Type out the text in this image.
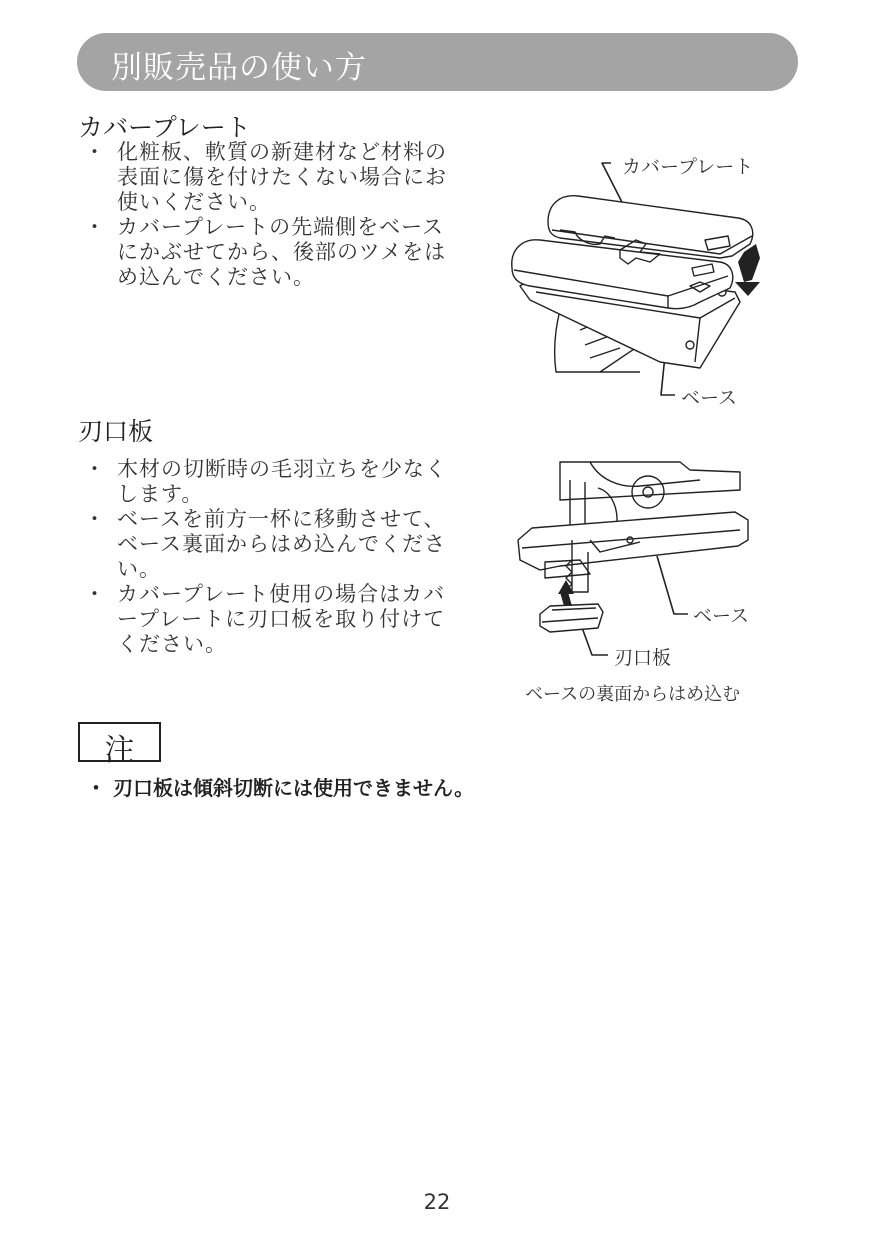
別販売品の使い方
カバープレート
・ 化粧板、軟質の新建材など材料の表面に傷を付けたくない場合にお使いください。
・ カバープレートの先端側をベースにかぶせてから、後部のツメをはめ込んでください。
カバープレート
ベース
刃口板
・ 木材の切断時の毛羽立ちを少なくします。
・ ベースを前方一杯に移動させて、ベース裏面からはめ込んでください。
・ カバープレート使用の場合はカバープレートに刃口板を取り付けてください。
ベース
刃口板
ベースの裏面からはめ込む
注
・ 刃口板は傾斜切断には使用できません。
22
